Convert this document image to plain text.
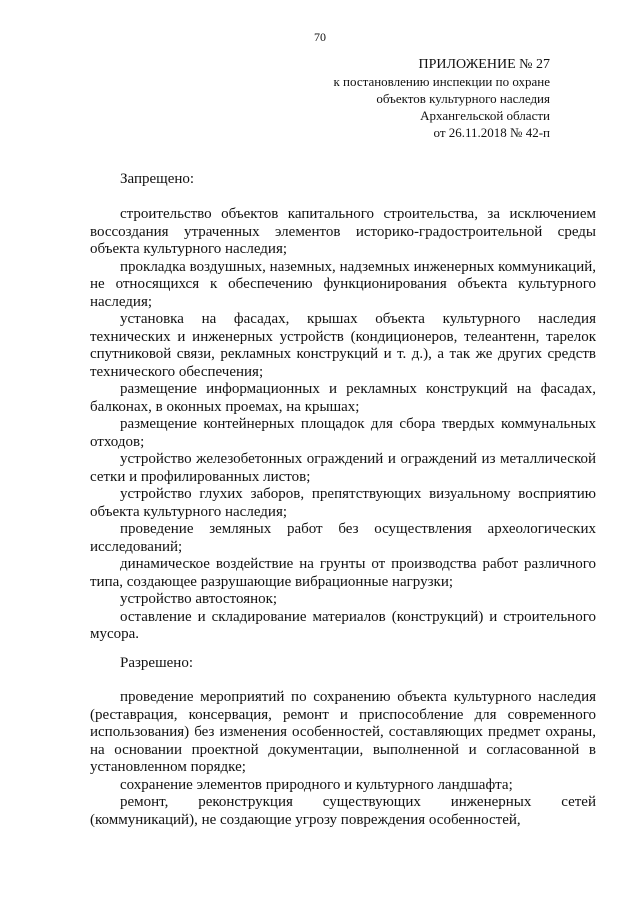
70
ПРИЛОЖЕНИЕ № 27
к постановлению инспекции по охране
объектов культурного наследия
Архангельской области
от 26.11.2018 № 42-п
Запрещено:

строительство объектов капитального строительства, за исключением воссоздания утраченных элементов историко-градостроительной среды объекта культурного наследия;

прокладка воздушных, наземных, надземных инженерных коммуникаций, не относящихся к обеспечению функционирования объекта культурного наследия;

установка на фасадах, крышах объекта культурного наследия технических и инженерных устройств (кондиционеров, телеантенн, тарелок спутниковой связи, рекламных конструкций и т. д.), а так же других средств технического обеспечения;

размещение информационных и рекламных конструкций на фасадах, балконах, в оконных проемах, на крышах;

размещение контейнерных площадок для сбора твердых коммунальных отходов;

устройство железобетонных ограждений и ограждений из металлической сетки и профилированных листов;

устройство глухих заборов, препятствующих визуальному восприятию объекта культурного наследия;

проведение земляных работ без осуществления археологических исследований;

динамическое воздействие на грунты от производства работ различного типа, создающее разрушающие вибрационные нагрузки;

устройство автостоянок;

оставление и складирование материалов (конструкций) и строительного мусора.

Разрешено:

проведение мероприятий по сохранению объекта культурного наследия (реставрация, консервация, ремонт и приспособление для современного использования) без изменения особенностей, составляющих предмет охраны, на основании проектной документации, выполненной и согласованной в установленном порядке;

сохранение элементов природного и культурного ландшафта;

ремонт, реконструкция существующих инженерных сетей (коммуникаций), не создающие угрозу повреждения особенностей,
